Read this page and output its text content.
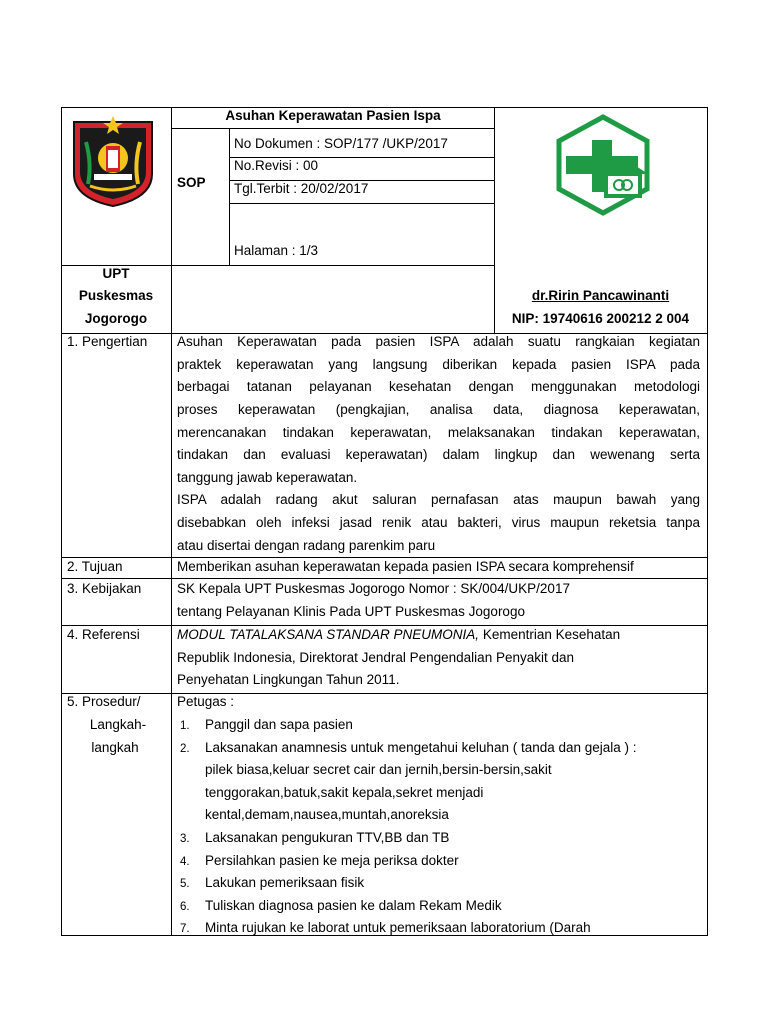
Asuhan Keperawatan Pasien Ispa
SOP
No Dokumen : SOP/177 /UKP/2017
No.Revisi : 00
Tgl.Terbit : 20/02/2017
Halaman : 1/3
UPT
Puskesmas
Jogorogo
dr.Ririn Pancawinanti
NIP: 19740616 200212 2 004
1. Pengertian
2. Tujuan
3. Kebijakan
4. Referensi
5. Prosedur/
Langkah-
langkah
Asuhan Keperawatan pada pasien ISPA adalah suatu rangkaian kegiatan
praktek keperawatan yang langsung diberikan kepada pasien ISPA pada
berbagai tatanan pelayanan kesehatan dengan menggunakan metodologi
proses keperawatan (pengkajian, analisa data, diagnosa keperawatan,
merencanakan tindakan keperawatan, melaksanakan tindakan keperawatan,
tindakan dan evaluasi keperawatan) dalam lingkup dan wewenang serta
tanggung jawab keperawatan.
ISPA adalah radang akut saluran pernafasan atas maupun bawah yang
disebabkan oleh infeksi jasad renik atau bakteri, virus maupun reketsia tanpa
atau disertai dengan radang parenkim paru
Memberikan asuhan keperawatan kepada pasien ISPA secara komprehensif
SK Kepala UPT Puskesmas Jogorogo Nomor : SK/004/UKP/2017
tentang Pelayanan Klinis Pada UPT Puskesmas Jogorogo
MODUL TATALAKSANA STANDAR PNEUMONIA, Kementrian Kesehatan
Republik Indonesia, Direktorat Jendral Pengendalian Penyakit dan
Penyehatan Lingkungan Tahun 2011.
Petugas :
1. Panggil dan sapa pasien
2. Laksanakan anamnesis untuk mengetahui keluhan ( tanda dan gejala ) :
pilek biasa,keluar secret cair dan jernih,bersin-bersin,sakit
tenggorakan,batuk,sakit kepala,sekret menjadi
kental,demam,nausea,muntah,anoreksia
3. Laksanakan pengukuran TTV,BB dan TB
4. Persilahkan pasien ke meja periksa dokter
5. Lakukan pemeriksaan fisik
6. Tuliskan diagnosa pasien ke dalam Rekam Medik
7. Minta rujukan ke laborat untuk pemeriksaan laboratorium (Darah
